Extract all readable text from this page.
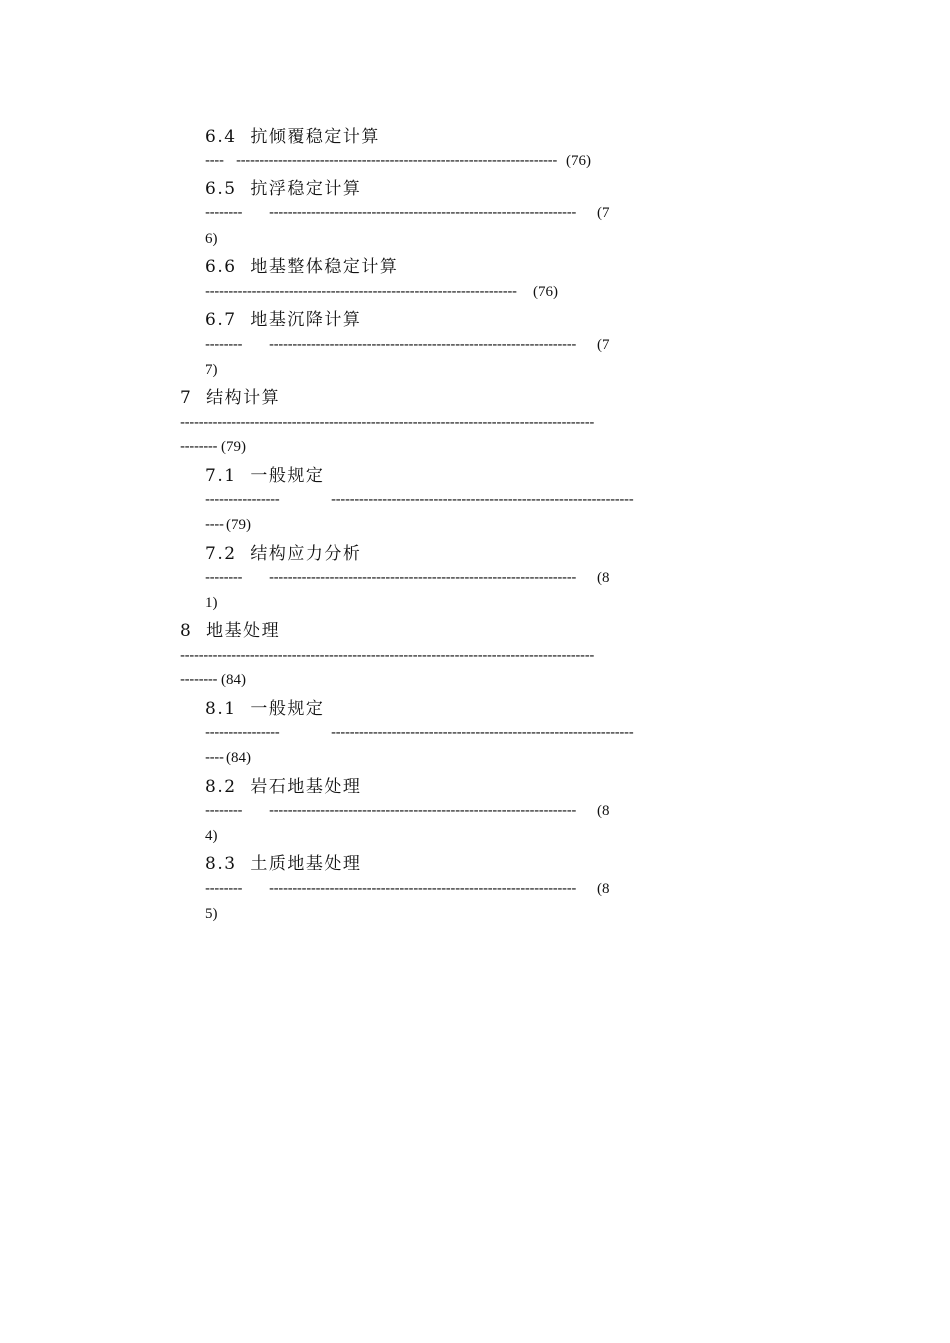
6.4 抗倾覆稳定计算
---- --------------------------------------------------------------------- (76)
6.5 抗浮稳定计算
-------- ------------------------------------------------------------------ (7
6)
6.6 地基整体稳定计算
------------------------------------------------------------------- (76)
6.7 地基沉降计算
-------- ------------------------------------------------------------------ (7
7)
7 结构计算
-----------------------------------------------------------------------------------------
-------- (79)
7.1 一般规定
----------------	-----------------------------------------------------------------
---- (79)
7.2 结构应力分析
-------- ------------------------------------------------------------------ (8
1)
8 地基处理
-----------------------------------------------------------------------------------------
-------- (84)
8.1 一般规定
----------------	-----------------------------------------------------------------
---- (84)
8.2 岩石地基处理
-------- ------------------------------------------------------------------ (8
4)
8.3 土质地基处理
-------- ------------------------------------------------------------------ (8
5)
